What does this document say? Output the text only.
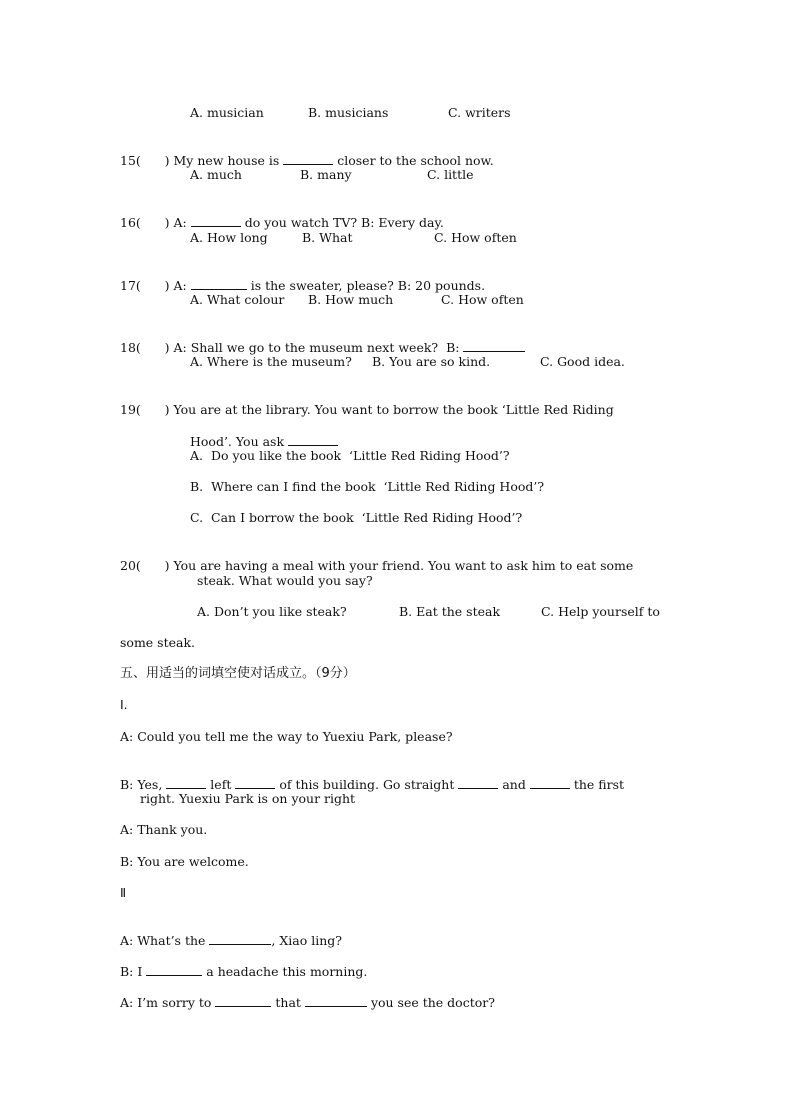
A. musician	B. musicians	C. writers

15(      ) My new house is	closer to the school now.

A. much	B. many	C. little

16(      ) A:	do you watch TV? B: Every day.

A. How long	B. What	C. How often

17(      ) A:	is the sweater, please? B: 20 pounds.

A. What colour B. How much	C. How often

18(      ) A: Shall we go to the museum next week?  B:

A. Where is the museum? B. You are so kind.	C. Good idea.

19(      ) You are at the library. You want to borrow the book ‘Little Red Riding

Hood’. You ask

A.  Do you like the book  ‘Little Red Riding Hood’?
B.  Where can I find the book  ‘Little Red Riding Hood’?
C.  Can I borrow the book  ‘Little Red Riding Hood’?

20(      ) You are having a meal with your friend. You want to ask him to eat some

steak. What would you say?
A. Don’t you like steak?	B. Eat the steak	C. Help yourself to
some steak.
五、用适当的词填空使对话成立。（9分）
Ⅰ.
A: Could you tell me the way to Yuexiu Park, please?

B: Yes,	left	of this building. Go straight	and	the first

right. Yuexiu Park is on your right
A: Thank you.
B: You are welcome.
Ⅱ

A: What’s the	, Xiao ling?

B: I	a headache this morning.

A: I’m sorry to	that	you see the doctor?
